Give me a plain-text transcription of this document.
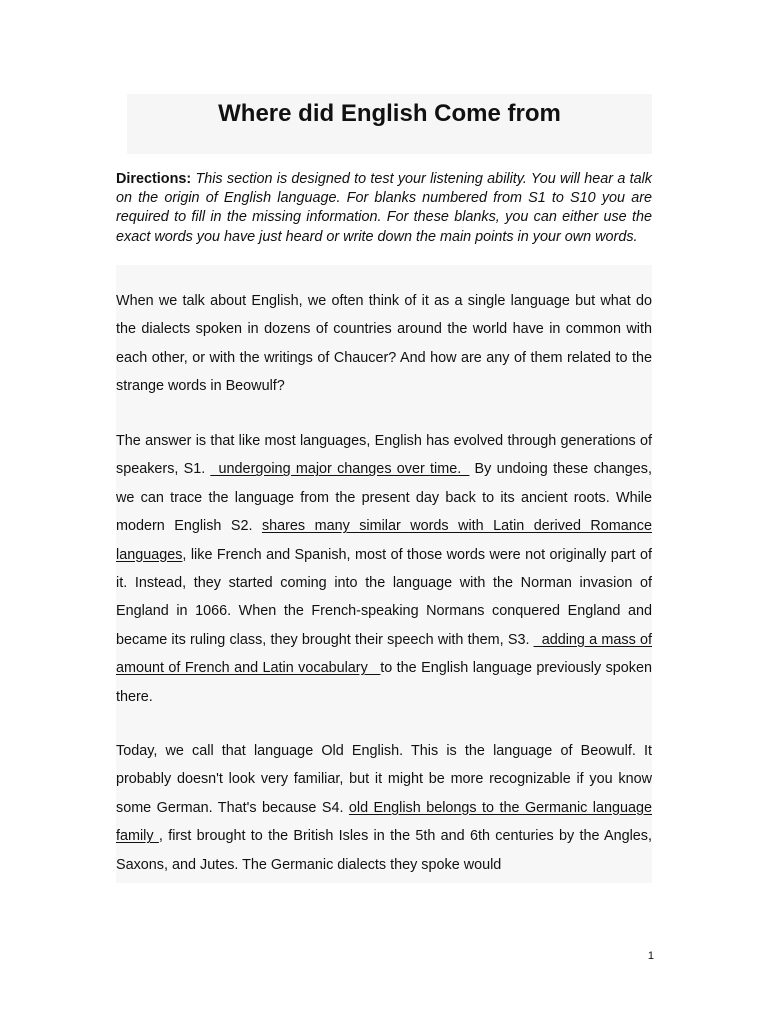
Where did English Come from

Directions: This section is designed to test your listening ability. You will hear a talk on the origin of English language. For blanks numbered from S1 to S10 you are required to fill in the missing information. For these blanks, you can either use the exact words you have just heard or write down the main points in your own words.

When we talk about English, we often think of it as a single language but what do the dialects spoken in dozens of countries around the world have in common with each other, or with the writings of Chaucer? And how are any of them related to the strange words in Beowulf?

The answer is that like most languages, English has evolved through generations of speakers, S1. _undergoing major changes over time._ By undoing these changes, we can trace the language from the present day back to its ancient roots. While modern English S2. shares many similar words with Latin derived Romance languages, like French and Spanish, most of those words were not originally part of it. Instead, they started coming into the language with the Norman invasion of England in 1066. When the French-speaking Normans conquered England and became its ruling class, they brought their speech with them, S3. _adding a mass of amount of French and Latin vocabulary _to the English language previously spoken there.

Today, we call that language Old English. This is the language of Beowulf. It probably doesn't look very familiar, but it might be more recognizable if you know some German. That's because S4. old English belongs to the Germanic language family , first brought to the British Isles in the 5th and 6th centuries by the Angles, Saxons, and Jutes. The Germanic dialects they spoke would

1
